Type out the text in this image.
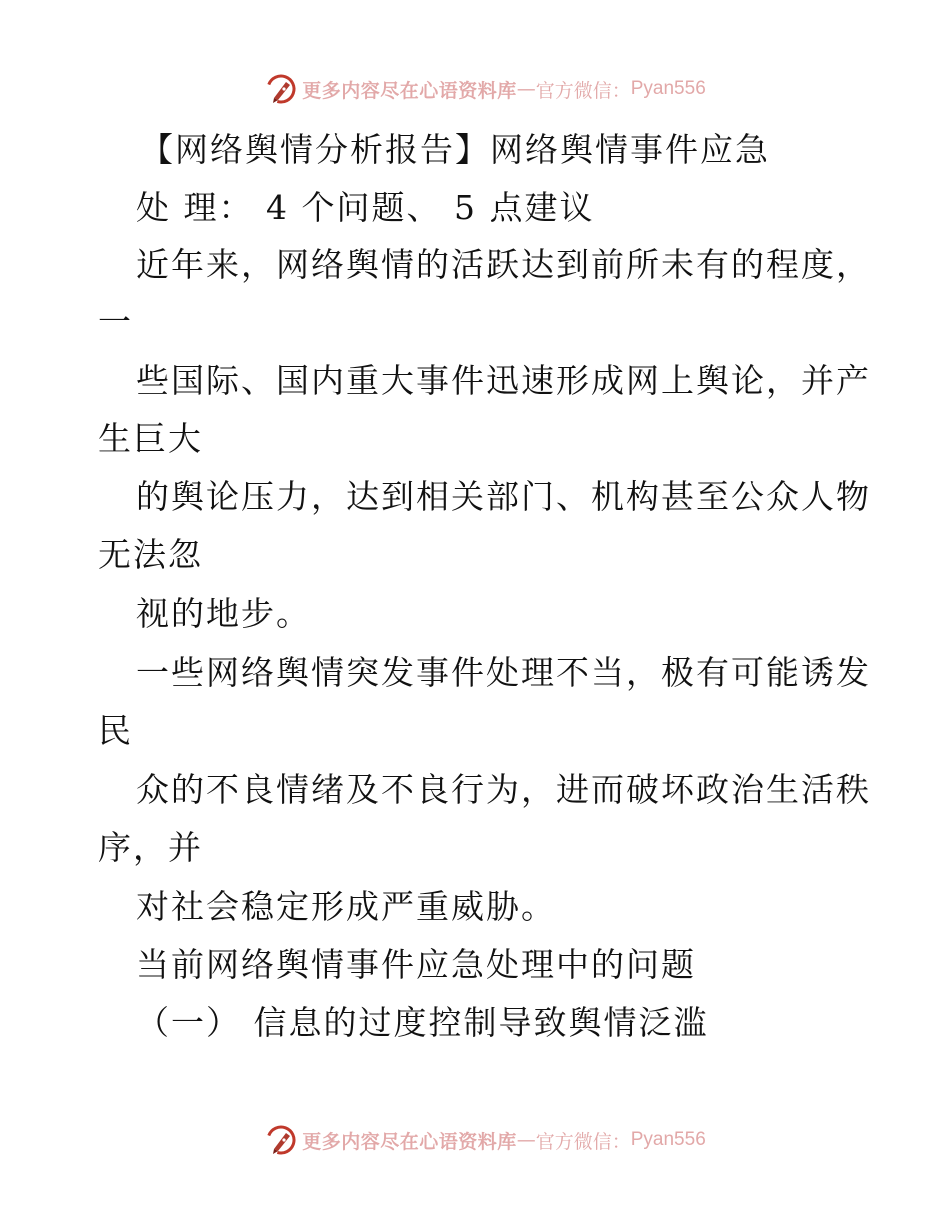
更多内容尽在心语资料库 — 官方微信： Pyan556
【网络舆情分析报告】网络舆情事件应急
处 理： 4 个问题、 5 点建议
近年来，网络舆情的活跃达到前所未有的程度，
一
些国际、国内重大事件迅速形成网上舆论，并产
生巨大
的舆论压力，达到相关部门、机构甚至公众人物
无法忽
视的地步。
一些网络舆情突发事件处理不当，极有可能诱发
民
众的不良情绪及不良行为，进而破坏政治生活秩
序，并
对社会稳定形成严重威胁。
当前网络舆情事件应急处理中的问题
（一） 信息的过度控制导致舆情泛滥
更多内容尽在心语资料库 — 官方微信： Pyan556
